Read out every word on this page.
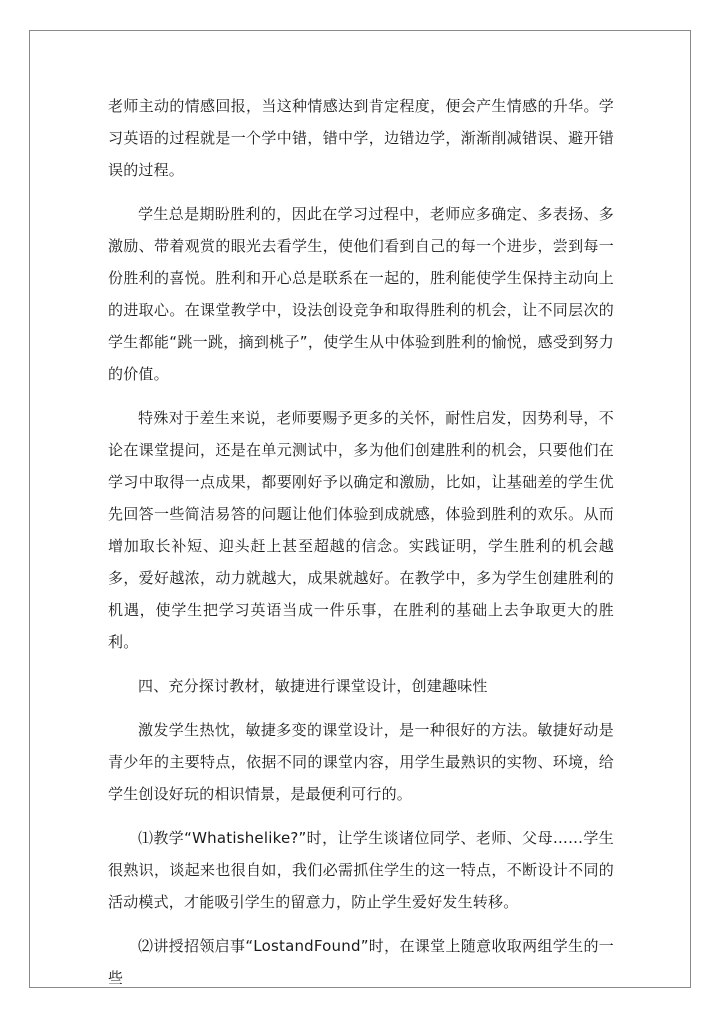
老师主动的情感回报，当这种情感达到肯定程度，便会产生情感的升华。学习英语的过程就是一个学中错，错中学，边错边学，渐渐削减错误、避开错误的过程。

学生总是期盼胜利的，因此在学习过程中，老师应多确定、多表扬、多激励、带着观赏的眼光去看学生，使他们看到自己的每一个进步，尝到每一份胜利的喜悦。胜利和开心总是联系在一起的，胜利能使学生保持主动向上的进取心。在课堂教学中，设法创设竞争和取得胜利的机会，让不同层次的学生都能“跳一跳，摘到桃子”，使学生从中体验到胜利的愉悦，感受到努力的价值。

特殊对于差生来说，老师要赐予更多的关怀，耐性启发，因势利导，不论在课堂提问，还是在单元测试中，多为他们创建胜利的机会，只要他们在学习中取得一点成果，都要刚好予以确定和激励，比如，让基础差的学生优先回答一些简洁易答的问题让他们体验到成就感，体验到胜利的欢乐。从而增加取长补短、迎头赶上甚至超越的信念。实践证明，学生胜利的机会越多，爱好越浓，动力就越大，成果就越好。在教学中，多为学生创建胜利的机遇，使学生把学习英语当成一件乐事，在胜利的基础上去争取更大的胜利。

四、充分探讨教材，敏捷进行课堂设计，创建趣味性

激发学生热忱，敏捷多变的课堂设计，是一种很好的方法。敏捷好动是青少年的主要特点，依据不同的课堂内容，用学生最熟识的实物、环境，给学生创设好玩的相识情景，是最便利可行的。

⑴教学“Whatishelike?”时，让学生谈诸位同学、老师、父母……学生很熟识，谈起来也很自如，我们必需抓住学生的这一特点，不断设计不同的活动模式，才能吸引学生的留意力，防止学生爱好发生转移。

⑵讲授招领启事“LostandFound”时，在课堂上随意收取两组学生的一些
